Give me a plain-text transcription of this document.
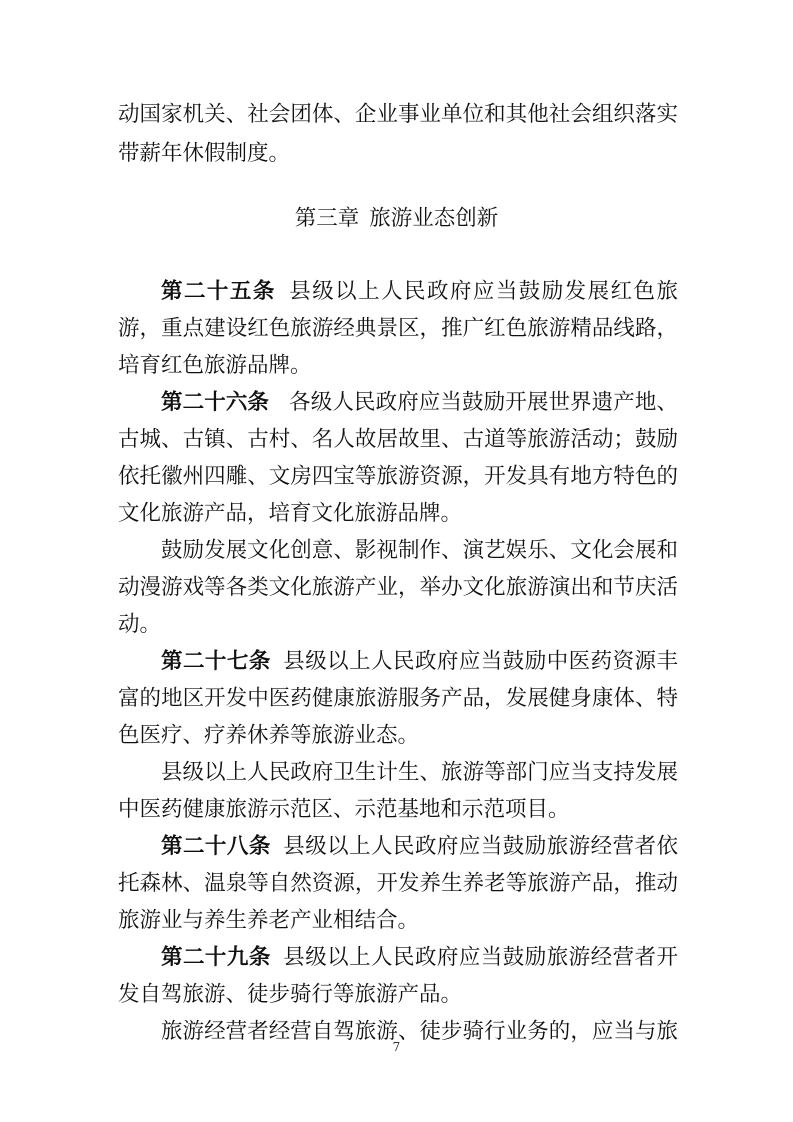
动国家机关、社会团体、企业事业单位和其他社会组织落实
带薪年休假制度。
第三章 旅游业态创新
第二十五条 县级以上人民政府应当鼓励发展红色旅
游，重点建设红色旅游经典景区，推广红色旅游精品线路，
培育红色旅游品牌。
第二十六条 各级人民政府应当鼓励开展世界遗产地、
古城、古镇、古村、名人故居故里、古道等旅游活动；鼓励
依托徽州四雕、文房四宝等旅游资源，开发具有地方特色的
文化旅游产品，培育文化旅游品牌。
鼓励发展文化创意、影视制作、演艺娱乐、文化会展和
动漫游戏等各类文化旅游产业，举办文化旅游演出和节庆活
动。
第二十七条 县级以上人民政府应当鼓励中医药资源丰
富的地区开发中医药健康旅游服务产品，发展健身康体、特
色医疗、疗养休养等旅游业态。
县级以上人民政府卫生计生、旅游等部门应当支持发展
中医药健康旅游示范区、示范基地和示范项目。
第二十八条 县级以上人民政府应当鼓励旅游经营者依
托森林、温泉等自然资源，开发养生养老等旅游产品，推动
旅游业与养生养老产业相结合。
第二十九条 县级以上人民政府应当鼓励旅游经营者开
发自驾旅游、徒步骑行等旅游产品。
旅游经营者经营自驾旅游、徒步骑行业务的，应当与旅
7
